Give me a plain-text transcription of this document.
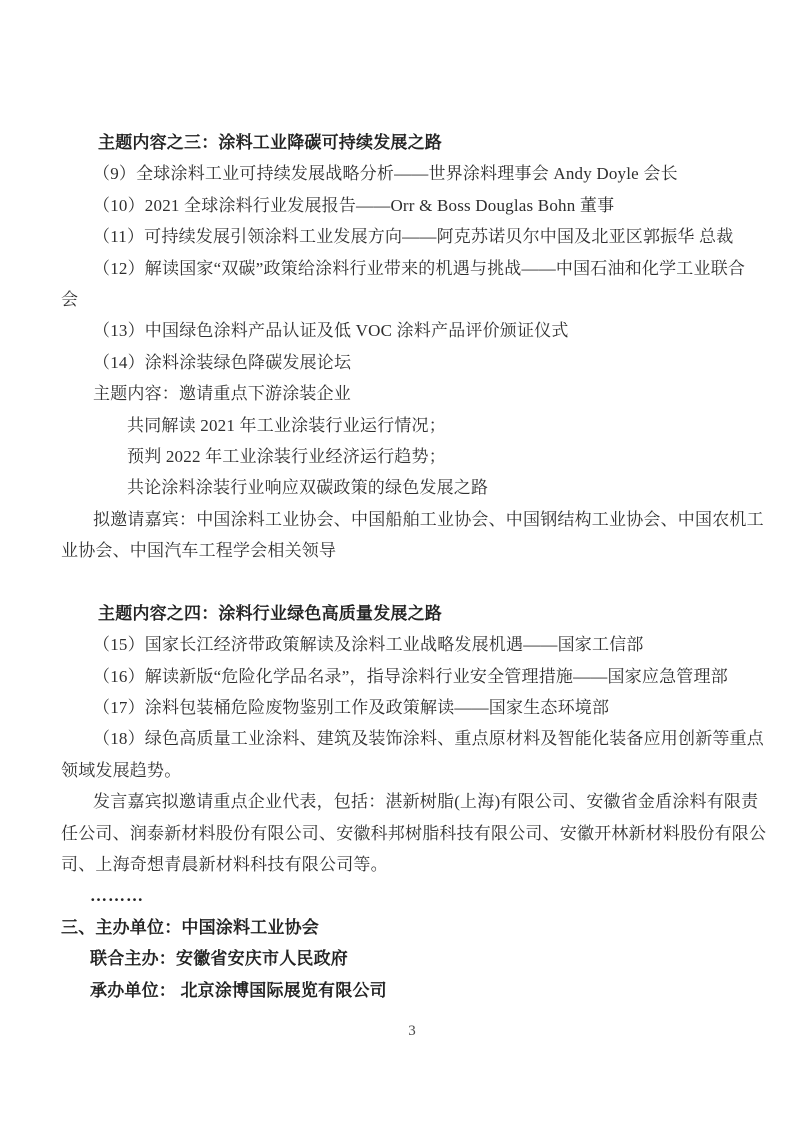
主题内容之三：涂料工业降碳可持续发展之路

（9）全球涂料工业可持续发展战略分析——世界涂料理事会 Andy Doyle 会长

（10）2021 全球涂料行业发展报告——Orr & Boss Douglas Bohn 董事

（11）可持续发展引领涂料工业发展方向——阿克苏诺贝尔中国及北亚区郭振华 总裁

（12）解读国家“双碳”政策给涂料行业带来的机遇与挑战——中国石油和化学工业联合

会

（13）中国绿色涂料产品认证及低 VOC 涂料产品评价颁证仪式

（14）涂料涂装绿色降碳发展论坛

主题内容：邀请重点下游涂装企业

共同解读 2021 年工业涂装行业运行情况；

预判 2022 年工业涂装行业经济运行趋势；

共论涂料涂装行业响应双碳政策的绿色发展之路

拟邀请嘉宾：中国涂料工业协会、中国船舶工业协会、中国钢结构工业协会、中国农机工

业协会、中国汽车工程学会相关领导

主题内容之四：涂料行业绿色高质量发展之路

（15）国家长江经济带政策解读及涂料工业战略发展机遇——国家工信部

（16）解读新版“危险化学品名录”，指导涂料行业安全管理措施——国家应急管理部

（17）涂料包装桶危险废物鉴别工作及政策解读——国家生态环境部

（18）绿色高质量工业涂料、建筑及装饰涂料、重点原材料及智能化装备应用创新等重点

领域发展趋势。

发言嘉宾拟邀请重点企业代表，包括：湛新树脂(上海)有限公司、安徽省金盾涂料有限责

任公司、润泰新材料股份有限公司、安徽科邦树脂科技有限公司、安徽开林新材料股份有限公

司、上海奇想青晨新材料科技有限公司等。

………

三、主办单位：中国涂料工业协会

联合主办：安徽省安庆市人民政府

承办单位： 北京涂博国际展览有限公司

3
